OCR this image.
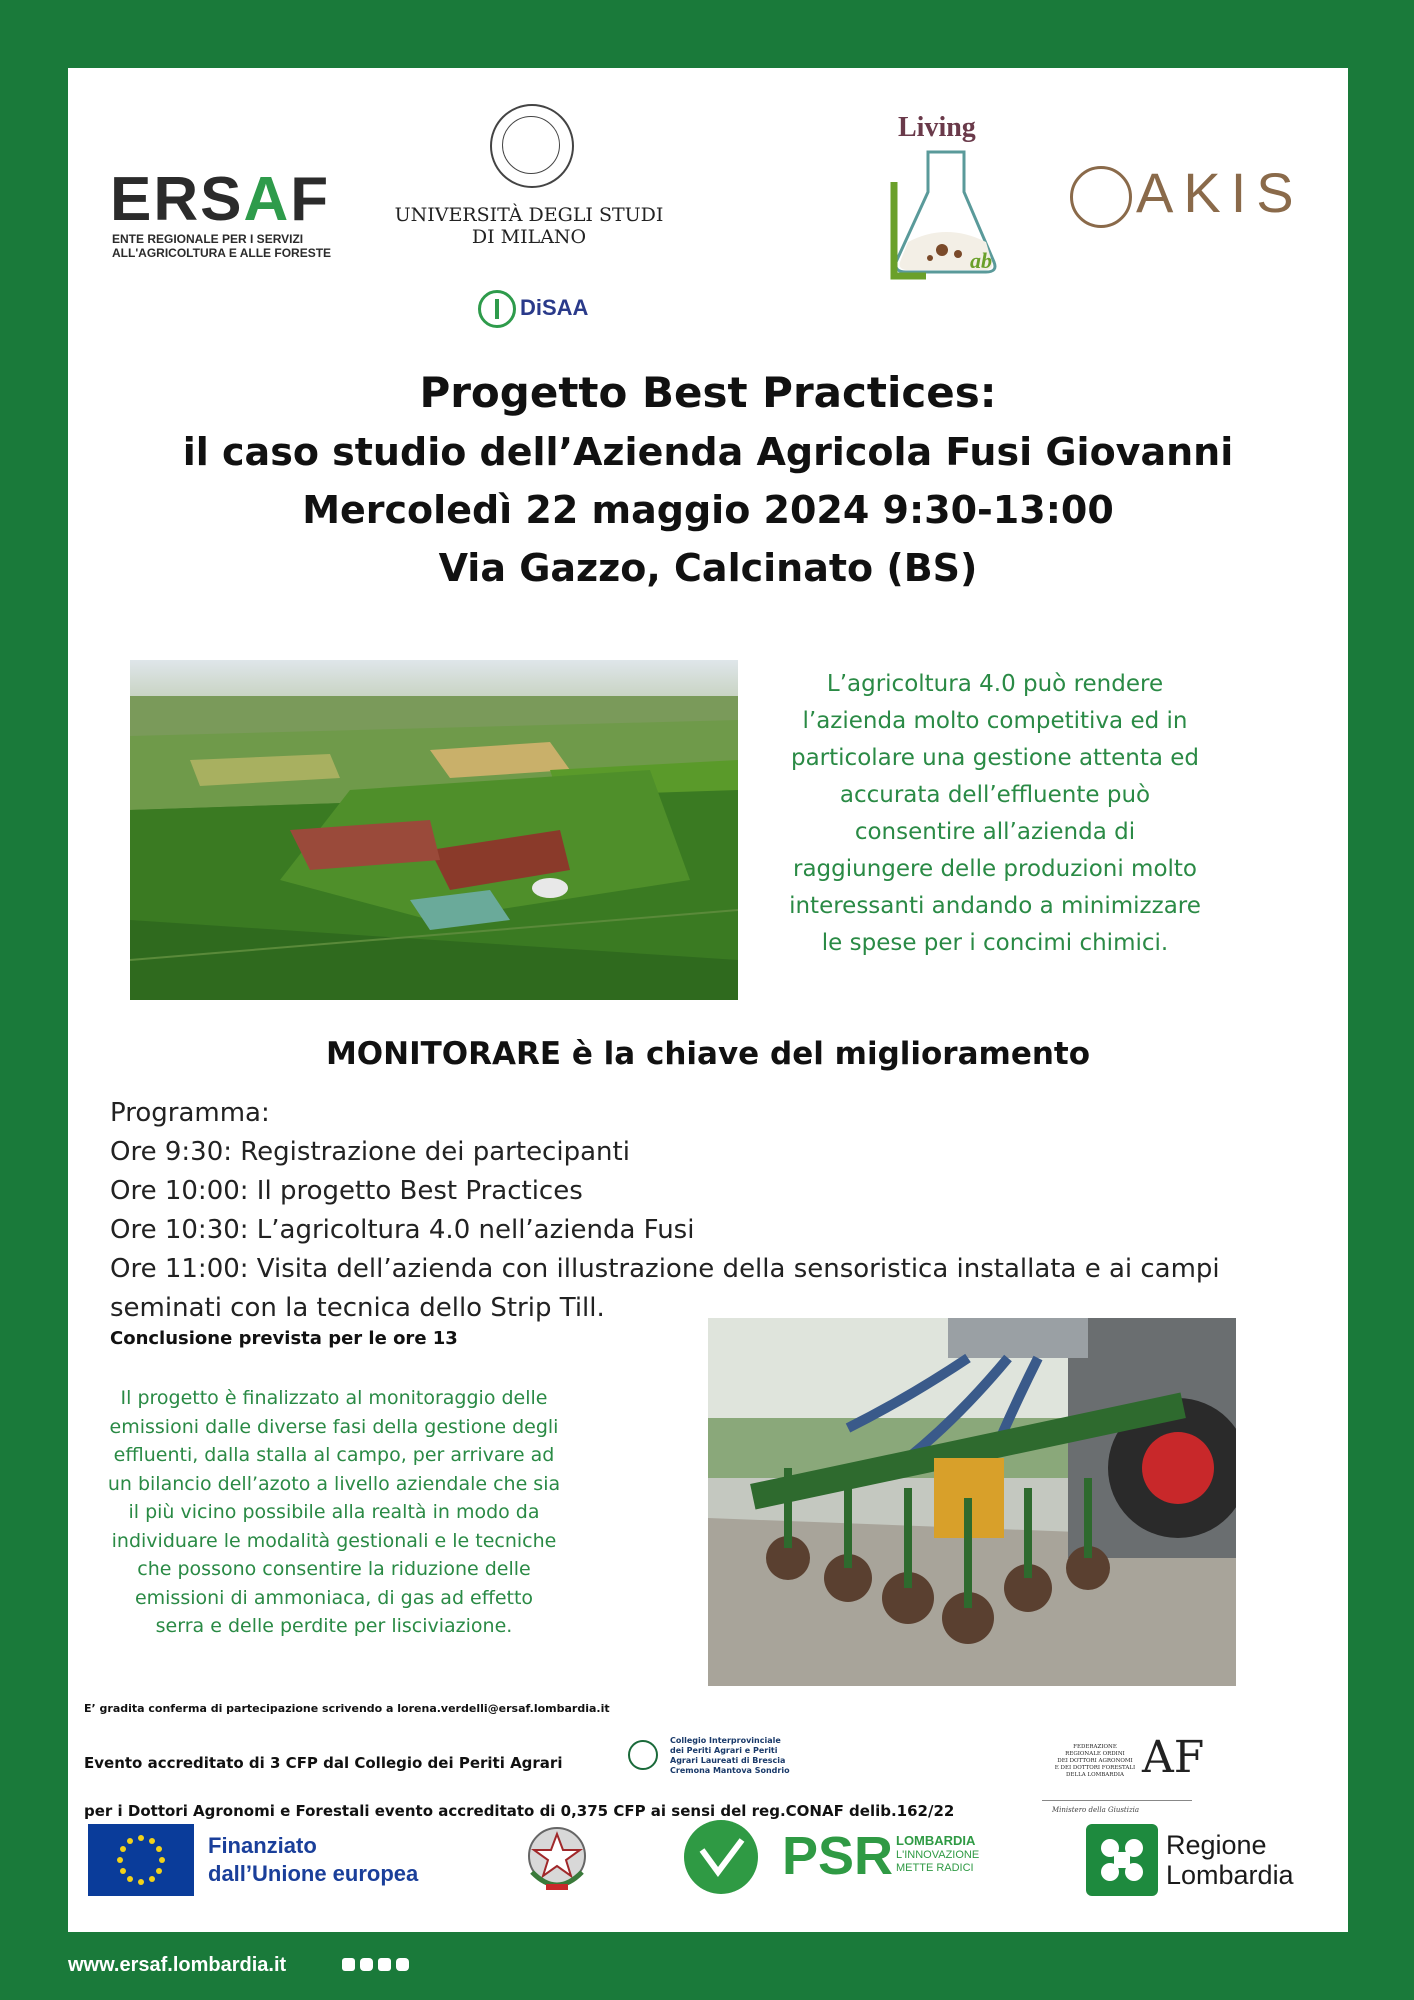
ERSAF
ENTE REGIONALE PER I SERVIZI
ALL'AGRICOLTURA E ALLE FORESTE
UNIVERSITÀ DEGLI STUDI
DI MILANO
DiSAA
Living
ab
AKIS
Progetto Best Practices:
il caso studio dell’Azienda Agricola Fusi Giovanni
Mercoledì 22 maggio 2024 9:30-13:00
Via Gazzo, Calcinato (BS)
L’agricoltura 4.0 può rendere
l’azienda molto competitiva ed in
particolare una gestione attenta ed
accurata dell’effluente può
consentire all’azienda di
raggiungere delle produzioni molto
interessanti andando a minimizzare
le spese per i concimi chimici.
MONITORARE è la chiave del miglioramento
Programma:
Ore 9:30: Registrazione dei partecipanti
Ore 10:00: Il progetto Best Practices
Ore 10:30: L’agricoltura 4.0 nell’azienda Fusi
Ore 11:00: Visita dell’azienda con illustrazione della sensoristica installata e ai campi
seminati con la tecnica dello Strip Till.
Conclusione prevista per le ore 13
Il progetto è finalizzato al monitoraggio delle
emissioni dalle diverse fasi della gestione degli
effluenti, dalla stalla al campo, per arrivare ad
un bilancio dell’azoto a livello aziendale che sia
il più vicino possibile alla realtà in modo da
individuare le modalità gestionali e le tecniche
che possono consentire la riduzione delle
emissioni di ammoniaca, di gas ad effetto
serra e delle perdite per lisciviazione.
E’ gradita conferma di partecipazione scrivendo a lorena.verdelli@ersaf.lombardia.it
Evento accreditato di 3 CFP dal Collegio dei Periti Agrari
per i Dottori Agronomi e Forestali evento accreditato di 0,375 CFP ai sensi del reg.CONAF delib.162/22
Collegio Interprovinciale
dei Periti Agrari e Periti
Agrari Laureati di Brescia
Cremona Mantova Sondrio
FEDERAZIONE
REGIONALE ORDINI
DEI DOTTORI AGRONOMI
E DEI DOTTORI FORESTALI
DELLA LOMBARDIA AF
Ministero della Giustizia
Finanziato
dall’Unione europea	PSR LOMBARDIA
L'INNOVAZIONE
METTE RADICI
Regione
Lombardia
www.ersaf.lombardia.it
